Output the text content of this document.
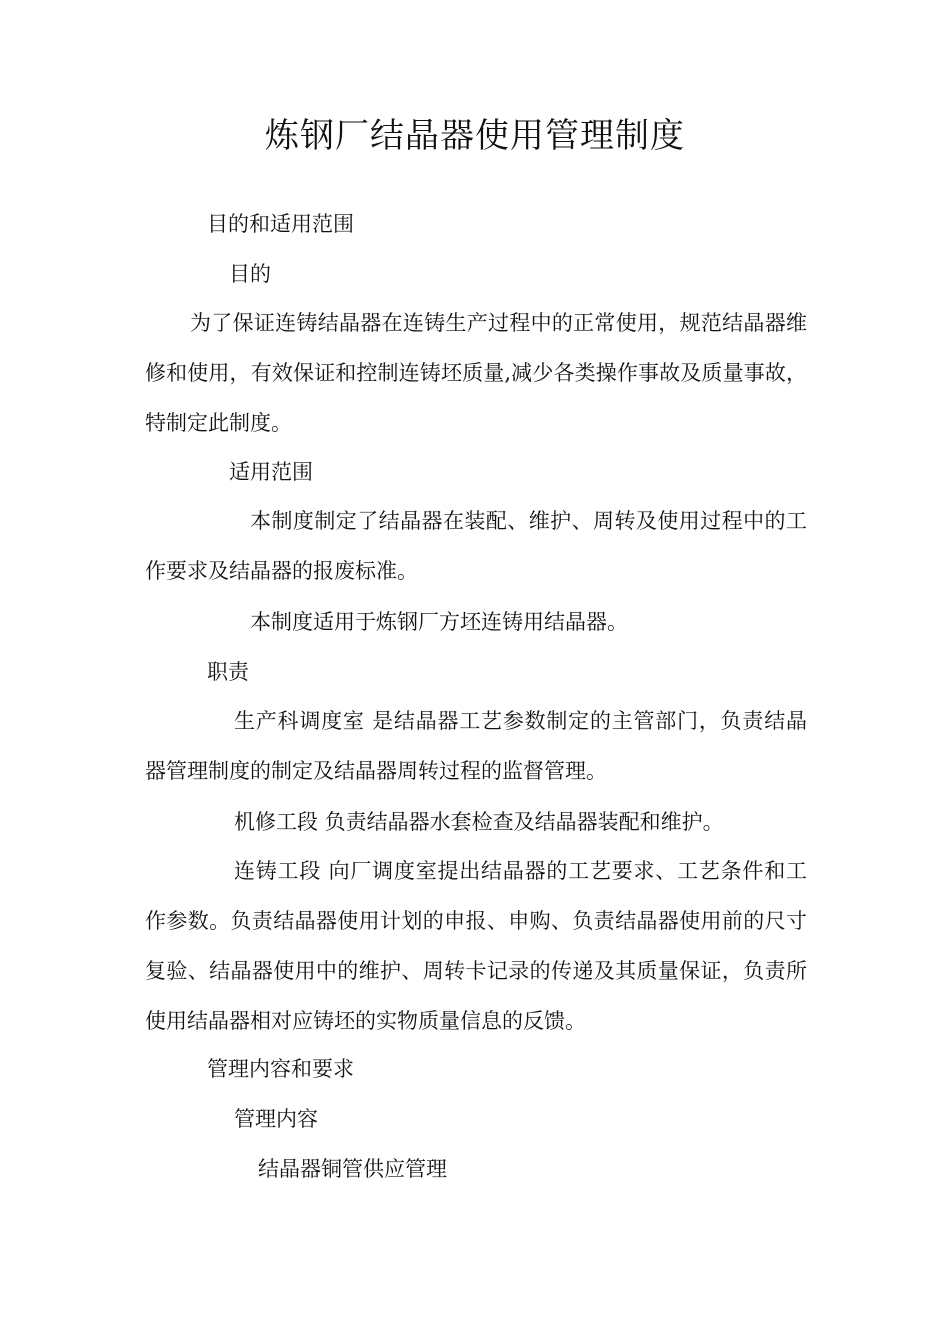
炼钢厂结晶器使用管理制度
目的和适用范围
目的
为了保证连铸结晶器在连铸生产过程中的正常使用，规范结晶器维修和使用，有效保证和控制连铸坯质量,减少各类操作事故及质量事故，特制定此制度。
适用范围
本制度制定了结晶器在装配、维护、周转及使用过程中的工作要求及结晶器的报废标准。
本制度适用于炼钢厂方坯连铸用结晶器。
职责
生产科调度室 是结晶器工艺参数制定的主管部门，负责结晶器管理制度的制定及结晶器周转过程的监督管理。
机修工段 负责结晶器水套检查及结晶器装配和维护。
连铸工段 向厂调度室提出结晶器的工艺要求、工艺条件和工作参数。负责结晶器使用计划的申报、申购、负责结晶器使用前的尺寸复验、结晶器使用中的维护、周转卡记录的传递及其质量保证，负责所使用结晶器相对应铸坯的实物质量信息的反馈。
管理内容和要求
管理内容
结晶器铜管供应管理
